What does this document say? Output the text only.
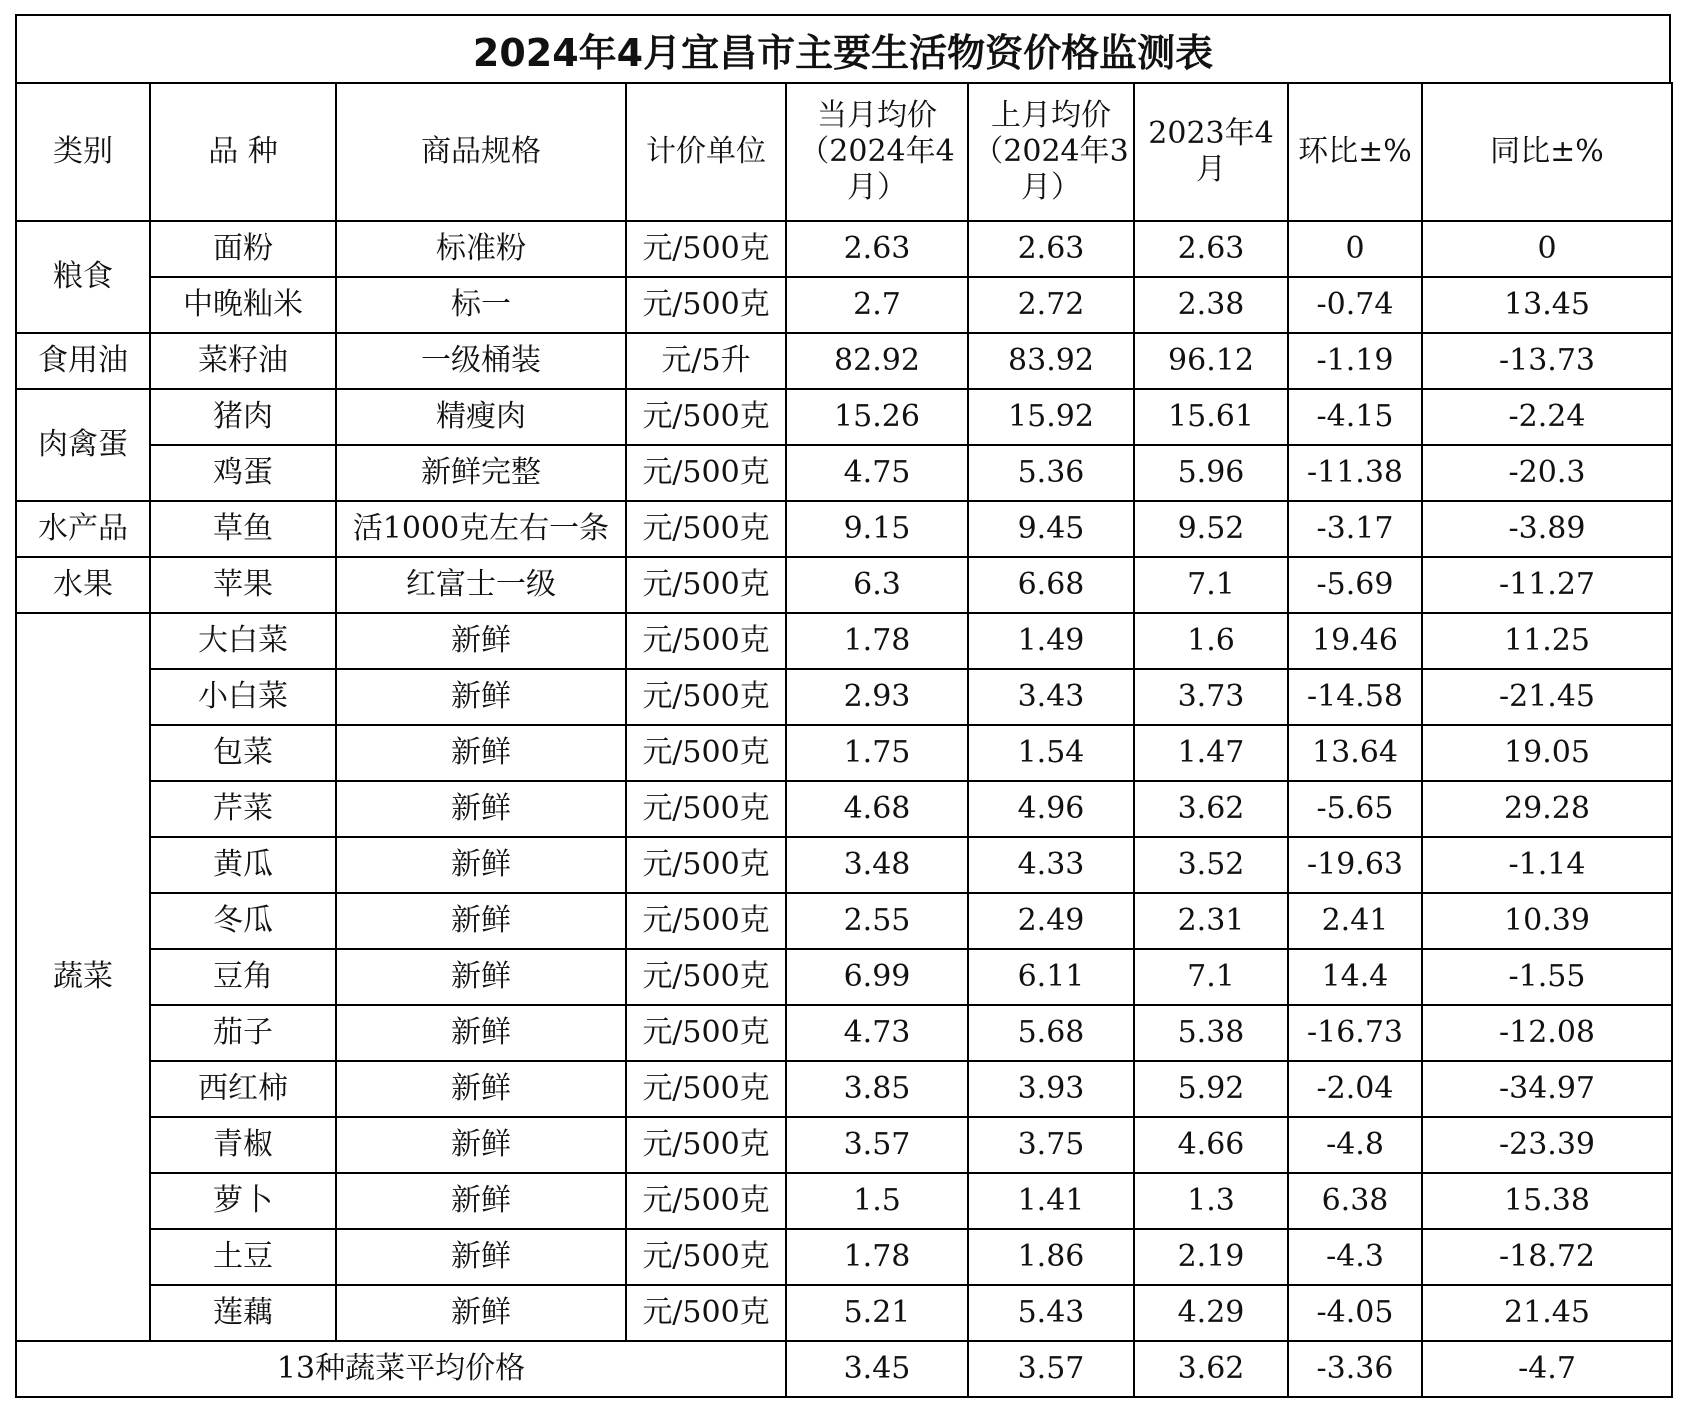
2024年4月宜昌市主要生活物资价格监测表
类别	品 种	商品规格	计价单位	当月均价（2024年4月）	上月均价（2024年3月）	2023年4月	环比±%	同比±%
粮食	面粉	标准粉	元/500克	2.63	2.63	2.63	0	0
	中晚籼米	标一	元/500克	2.7	2.72	2.38	-0.74	13.45
食用油	菜籽油	一级桶装	元/5升	82.92	83.92	96.12	-1.19	-13.73
肉禽蛋	猪肉	精瘦肉	元/500克	15.26	15.92	15.61	-4.15	-2.24
	鸡蛋	新鲜完整	元/500克	4.75	5.36	5.96	-11.38	-20.3
水产品	草鱼	活1000克左右一条	元/500克	9.15	9.45	9.52	-3.17	-3.89
水果	苹果	红富士一级	元/500克	6.3	6.68	7.1	-5.69	-11.27
蔬菜	大白菜	新鲜	元/500克	1.78	1.49	1.6	19.46	11.25
	小白菜	新鲜	元/500克	2.93	3.43	3.73	-14.58	-21.45
	包菜	新鲜	元/500克	1.75	1.54	1.47	13.64	19.05
	芹菜	新鲜	元/500克	4.68	4.96	3.62	-5.65	29.28
	黄瓜	新鲜	元/500克	3.48	4.33	3.52	-19.63	-1.14
	冬瓜	新鲜	元/500克	2.55	2.49	2.31	2.41	10.39
	豆角	新鲜	元/500克	6.99	6.11	7.1	14.4	-1.55
	茄子	新鲜	元/500克	4.73	5.68	5.38	-16.73	-12.08
	西红柿	新鲜	元/500克	3.85	3.93	5.92	-2.04	-34.97
	青椒	新鲜	元/500克	3.57	3.75	4.66	-4.8	-23.39
	萝卜	新鲜	元/500克	1.5	1.41	1.3	6.38	15.38
	土豆	新鲜	元/500克	1.78	1.86	2.19	-4.3	-18.72
	莲藕	新鲜	元/500克	5.21	5.43	4.29	-4.05	21.45
13种蔬菜平均价格				3.45	3.57	3.62	-3.36	-4.7
